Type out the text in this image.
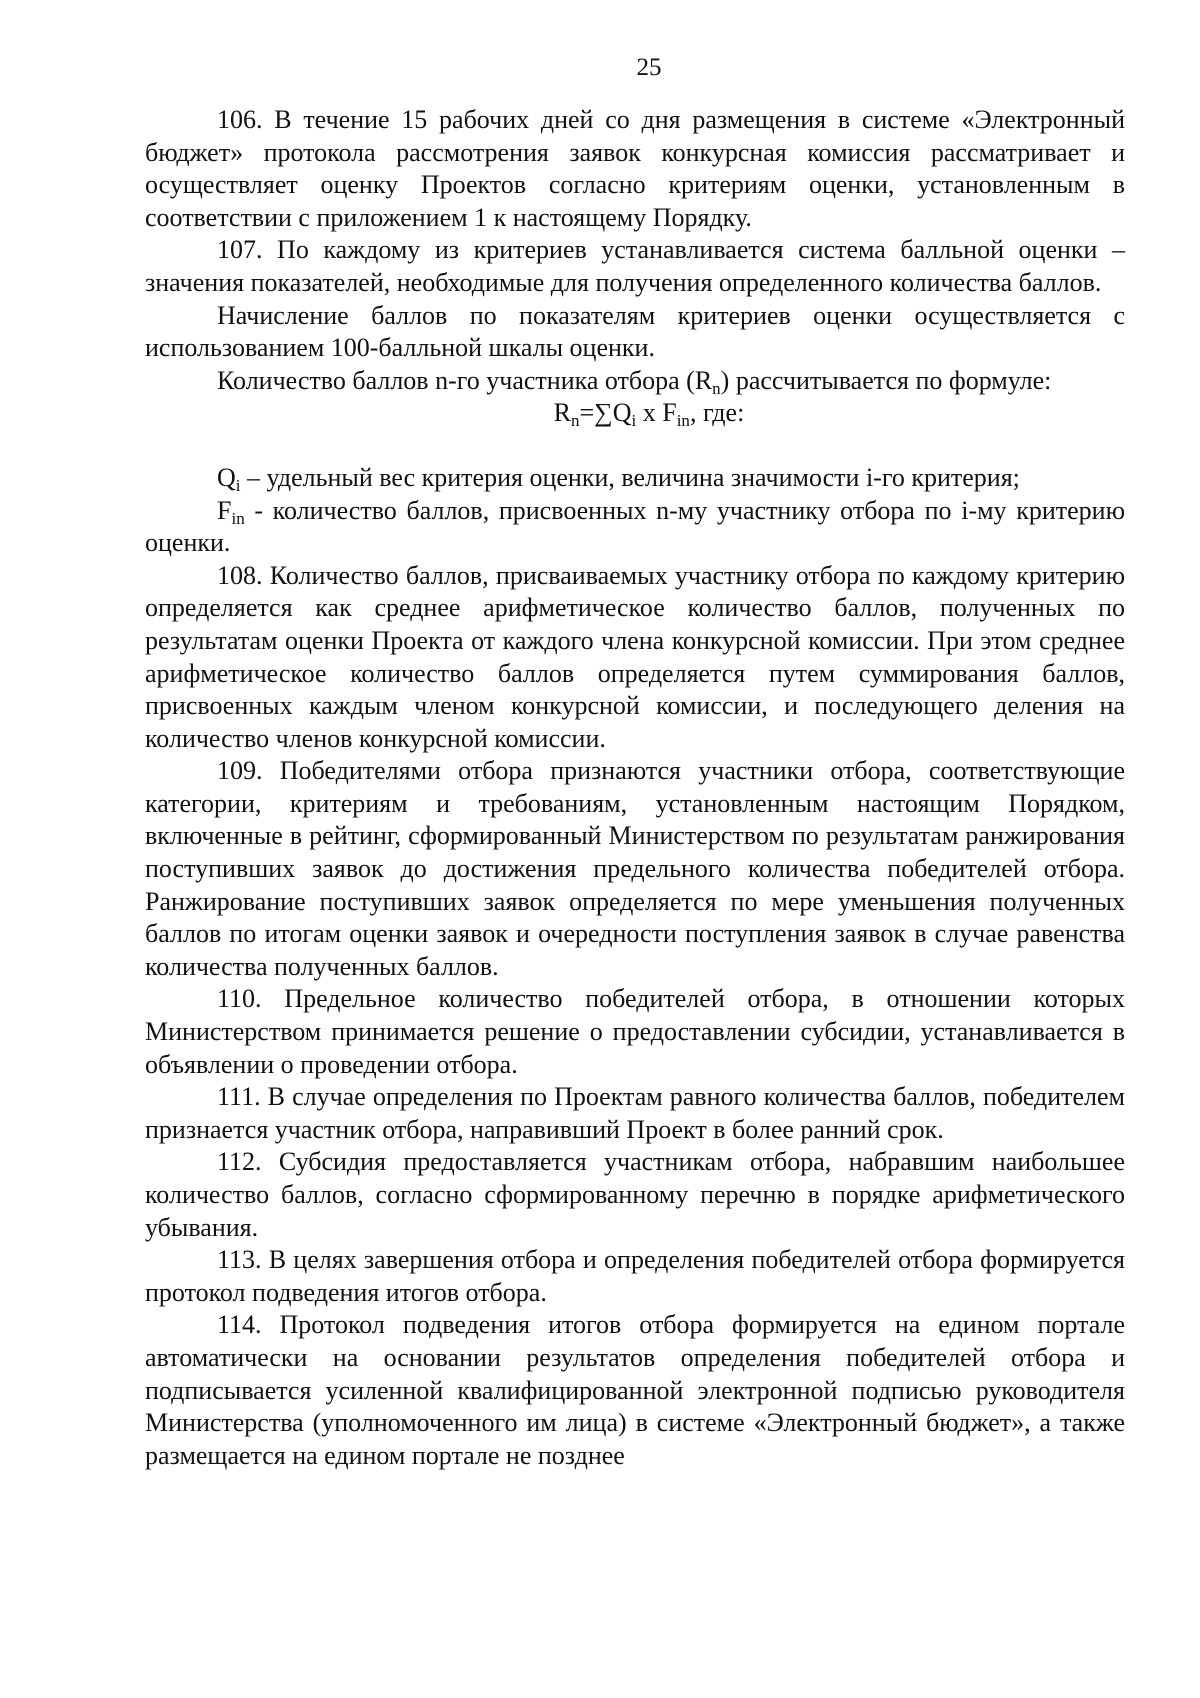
25

106. В течение 15 рабочих дней со дня размещения в системе «Электронный бюджет» протокола рассмотрения заявок конкурсная комиссия рассматривает и осуществляет оценку Проектов согласно критериям оценки, установленным в соответствии с приложением 1 к настоящему Порядку.

107. По каждому из критериев устанавливается система балльной оценки – значения показателей, необходимые для получения определенного количества баллов.

Начисление баллов по показателям критериев оценки осуществляется с использованием 100-балльной шкалы оценки.

Количество баллов n-го участника отбора $(R_n)$ рассчитывается по формуле:

$R_n=\sum Q_i$ x $F_{in}$, где:

$Q_i$ – удельный вес критерия оценки, величина значимости i-го критерия;

$F_{in}$ - количество баллов, присвоенных n-му участнику отбора по i-му критерию оценки.

108. Количество баллов, присваиваемых участнику отбора по каждому критерию определяется как среднее арифметическое количество баллов, полученных по результатам оценки Проекта от каждого члена конкурсной комиссии. При этом среднее арифметическое количество баллов определяется путем суммирования баллов, присвоенных каждым членом конкурсной комиссии, и последующего деления на количество членов конкурсной комиссии.

109. Победителями отбора признаются участники отбора, соответствующие категории, критериям и требованиям, установленным настоящим Порядком, включенные в рейтинг, сформированный Министерством по результатам ранжирования поступивших заявок до достижения предельного количества победителей отбора. Ранжирование поступивших заявок определяется по мере уменьшения полученных баллов по итогам оценки заявок и очередности поступления заявок в случае равенства количества полученных баллов.

110. Предельное количество победителей отбора, в отношении которых Министерством принимается решение о предоставлении субсидии, устанавливается в объявлении о проведении отбора.

111. В случае определения по Проектам равного количества баллов, победителем признается участник отбора, направивший Проект в более ранний срок.

112. Субсидия предоставляется участникам отбора, набравшим наибольшее количество баллов, согласно сформированному перечню в порядке арифметического убывания.

113. В целях завершения отбора и определения победителей отбора формируется протокол подведения итогов отбора.

114. Протокол подведения итогов отбора формируется на едином портале автоматически на основании результатов определения победителей отбора и подписывается усиленной квалифицированной электронной подписью руководителя Министерства (уполномоченного им лица) в системе «Электронный бюджет», а также размещается на едином портале не позднее
